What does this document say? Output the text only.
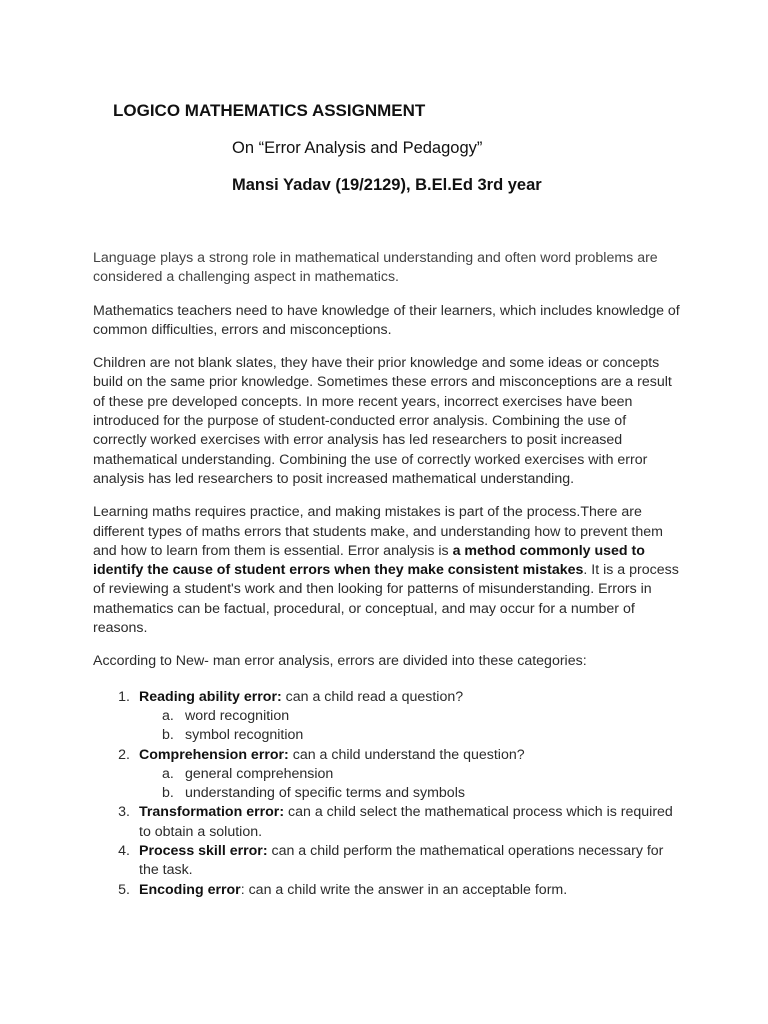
LOGICO MATHEMATICS ASSIGNMENT
On “Error Analysis and Pedagogy”
Mansi Yadav (19/2129), B.El.Ed 3rd year

Language plays a strong role in mathematical understanding and often word problems are considered a challenging aspect in mathematics.

Mathematics teachers need to have knowledge of their learners, which includes knowledge of common difficulties, errors and misconceptions.

Children are not blank slates, they have their prior knowledge and some ideas or concepts build on the same prior knowledge. Sometimes these errors and misconceptions are a result of these pre developed concepts. In more recent years, incorrect exercises have been introduced for the purpose of student-conducted error analysis. Combining the use of correctly worked exercises with error analysis has led researchers to posit increased mathematical understanding. Combining the use of correctly worked exercises with error analysis has led researchers to posit increased mathematical understanding.

Learning maths requires practice, and making mistakes is part of the process.There are different types of maths errors that students make, and understanding how to prevent them and how to learn from them is essential. Error analysis is a method commonly used to identify the cause of student errors when they make consistent mistakes. It is a process of reviewing a student's work and then looking for patterns of misunderstanding. Errors in mathematics can be factual, procedural, or conceptual, and may occur for a number of reasons.

According to New- man error analysis, errors are divided into these categories:

Reading ability error: can a child read a question?
word recognition
symbol recognition
Comprehension error: can a child understand the question?
general comprehension
understanding of specific terms and symbols
Transformation error: can a child select the mathematical process which is required to obtain a solution.
Process skill error: can a child perform the mathematical operations necessary for the task.
Encoding error: can a child write the answer in an acceptable form.
